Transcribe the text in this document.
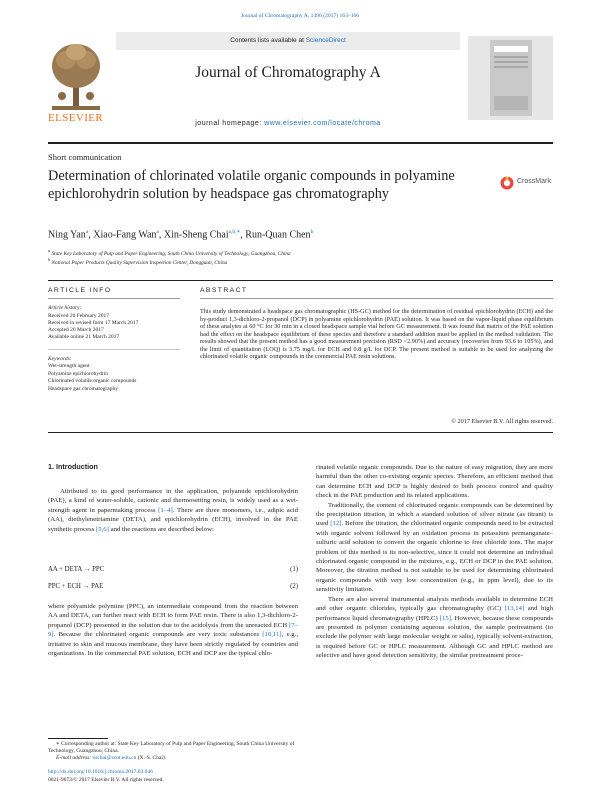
Journal of Chromatography A, 1496 (2017) 163–166
ELSEVIER
Contents lists available at ScienceDirect
Journal of Chromatography A
journal homepage: www.elsevier.com/locate/chroma
Short communication
Determination of chlorinated volatile organic compounds in polyamine epichlorohydrin solution by headspace gas chromatography
CrossMark
Ning Yan$^a$, Xiao-Fang Wan$^a$, Xin-Sheng Chai$^{a,b,∗}$, Run-Quan Chen$^b$
$^a$ State Key Laboratory of Pulp and Paper Engineering, South China University of Technology, Guangzhou, China
$^b$ National Paper Products Quality Supervision Inspection Center, Dongguan, China
ARTICLE INFO	ABSTRACT
Article history:
Received 20 February 2017
Received in revised form 17 March 2017
Accepted 20 March 2017
Available online 21 March 2017
Keywords:
Wet-strength agent
Polyamine epichlorohydrin
Chlorinated volatile organic compounds
Headspace gas chromatography
This study demonstrated a headspace gas chromatographic (HS-GC) method for the determination of residual epichlorohydrin (ECH) and the by-product 1,3-dichloro-2-propanol (DCP) in polyamine epichlorohydrin (PAE) solution. It was based on the vapor-liquid phase equilibrium of these analytes at 60 °C for 30 min in a closed headspace sample vial before GC measurement. It was found that matrix of the PAE solution had the effect on the headspace equilibrium of these species and therefore a standard addition must be applied in the method validation. The results showed that the present method has a good measurement precision (RSD <2.90%) and accuracy (recoveries from 93.6 to 105%), and the limit of quantitation (LOQ) is 3.75 mg/L for ECH and 0.8 g/L for DCP. The present method is suitable to be used for analyzing the chlorinated volatile organic compounds in the commercial PAE resin solutions.
© 2017 Elsevier B.V. All rights reserved.
1. Introduction

Attributed to its good performance in the application, polyamide epichlorohydrin (PAE), a kind of water-soluble, cationic and thermosetting resin, is widely used as a wet-strength agent in papermaking process [1–4]. There are three monomers, i.e., adipic acid (AA), diethylenetriamine (DETA), and epichlorohydrin (ECH), involved in the PAE synthetic process [5,6] and the reactions are described below:

AA + DETA → PPC	(1)
PPC + ECH → PAE	(2)

where polyamide polymine (PPC), an intermediate compound from the reaction between AA and DETA, can further react with ECH to form PAE resin. There is also 1,3-dichloro-2-propanol (DCP) presented in the solution due to the acidolysis from the unreacted ECH [7–9]. Because the chlorinated organic compounds are very toxic substances [10,11], e.g., irritative to skin and mucous membrane, they have been strictly regulated by countries and organizations. In the commercial PAE solution, ECH and DCP are the typical chlo-

rinated volatile organic compounds. Due to the nature of easy migration, they are more harmful than the other co-existing organic species. Therefore, an efficient method that can determine ECH and DCP is highly desired to both process control and quality check in the PAE production and its related applications.

Traditionally, the content of chlorinated organic compounds can be determined by the precipitation titration, in which a standard solution of silver nitrate (as titrant) is used [12]. Before the titration, the chlorinated organic compounds need to be extracted with organic solvent followed by an oxidation process in potassium permanganate–sulfuric acid solution to convert the organic chlorine to free chloride ions. The major problem of this method is its non-selective, since it could not determine an individual chlorinated organic compound in the mixtures, e.g., ECH or DCP in the PAE solution. Moreover, the titration method is not suitable to be used for determining chlorinated organic compounds with very low concentration (e.g., in ppm level), due to its sensitivity limitation.

There are also several instrumental analysis methods available to determine ECH and other organic chlorides, typically gas chromatography (GC) [13,14] and high performance liquid chromatography (HPLC) [15]. However, because these compounds are presented in polymer containing aqueous solution, the sample pretreatment (to exclude the polymer with large molecular weight or salts), typically solvent-extraction, is required before GC or HPLC measurement. Although GC and HPLC method are selective and have good detection sensitivity, the similar pretreatment proce-

∗ Corresponding author at: State Key Laboratory of Pulp and Paper Engineering, South China University of Technology, Guangzhou, China.
E-mail address: xschai@scut.edu.cn (X.-S. Chai).
http://dx.doi.org/10.1016/j.chroma.2017.03.046
0021-9673/© 2017 Elsevier B.V. All rights reserved.
